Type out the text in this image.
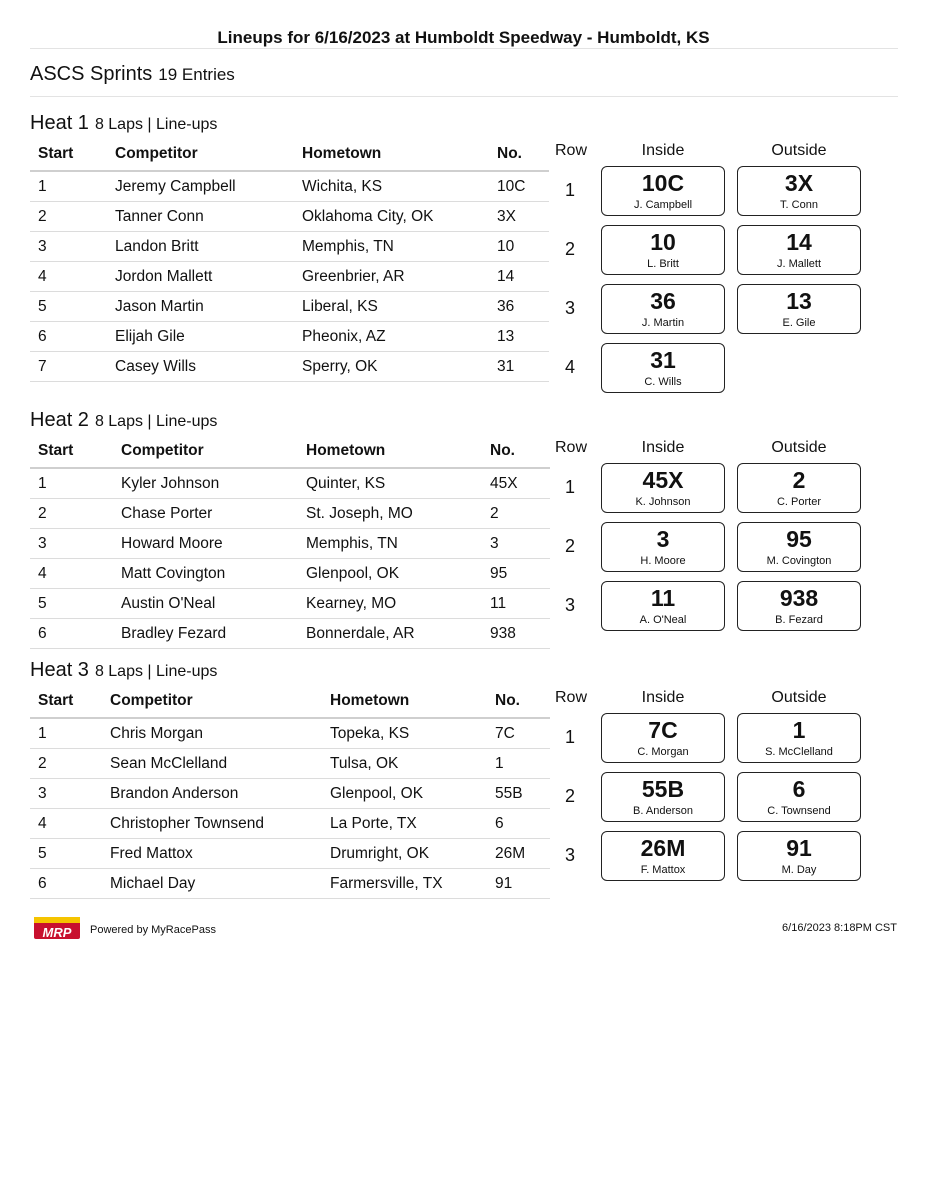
Lineups for 6/16/2023 at Humboldt Speedway - Humboldt, KS
ASCS Sprints 19 Entries
Heat 1 8 Laps | Line-ups
Start	Competitor	Hometown	No.
1	Jeremy Campbell	Wichita, KS	10C
2	Tanner Conn	Oklahoma City, OK	3X
3	Landon Britt	Memphis, TN	10
4	Jordon Mallett	Greenbrier, AR	14
5	Jason Martin	Liberal, KS	36
6	Elijah Gile	Pheonix, AZ	13
7	Casey Wills	Sperry, OK	31
Row	Inside	Outside
1	10C
J. Campbell
3X
T. Conn
2	10
L. Britt
14
J. Mallett
3	36
J. Martin
13
E. Gile
4	31
C. Wills
Heat 2 8 Laps | Line-ups
Start	Competitor	Hometown	No.
1	Kyler Johnson	Quinter, KS	45X
2	Chase Porter	St. Joseph, MO	2
3	Howard Moore	Memphis, TN	3
4	Matt Covington	Glenpool, OK	95
5	Austin O'Neal	Kearney, MO	11
6	Bradley Fezard	Bonnerdale, AR	938
Row	Inside	Outside
1	45X
K. Johnson
2
C. Porter
2	3
H. Moore
95
M. Covington
3	11
A. O'Neal
938
B. Fezard
Heat 3 8 Laps | Line-ups
Start	Competitor	Hometown	No.
1	Chris Morgan	Topeka, KS	7C
2	Sean McClelland	Tulsa, OK	1
3	Brandon Anderson	Glenpool, OK	55B
4	Christopher Townsend	La Porte, TX	6
5	Fred Mattox	Drumright, OK	26M
6	Michael Day	Farmersville, TX	91
Row	Inside	Outside
1	7C
C. Morgan
1
S. McClelland
2	55B
B. Anderson
6
C. Townsend
3	26M
F. Mattox
91
M. Day
MRP Powered by MyRacePass	6/16/2023 8:18PM CST
